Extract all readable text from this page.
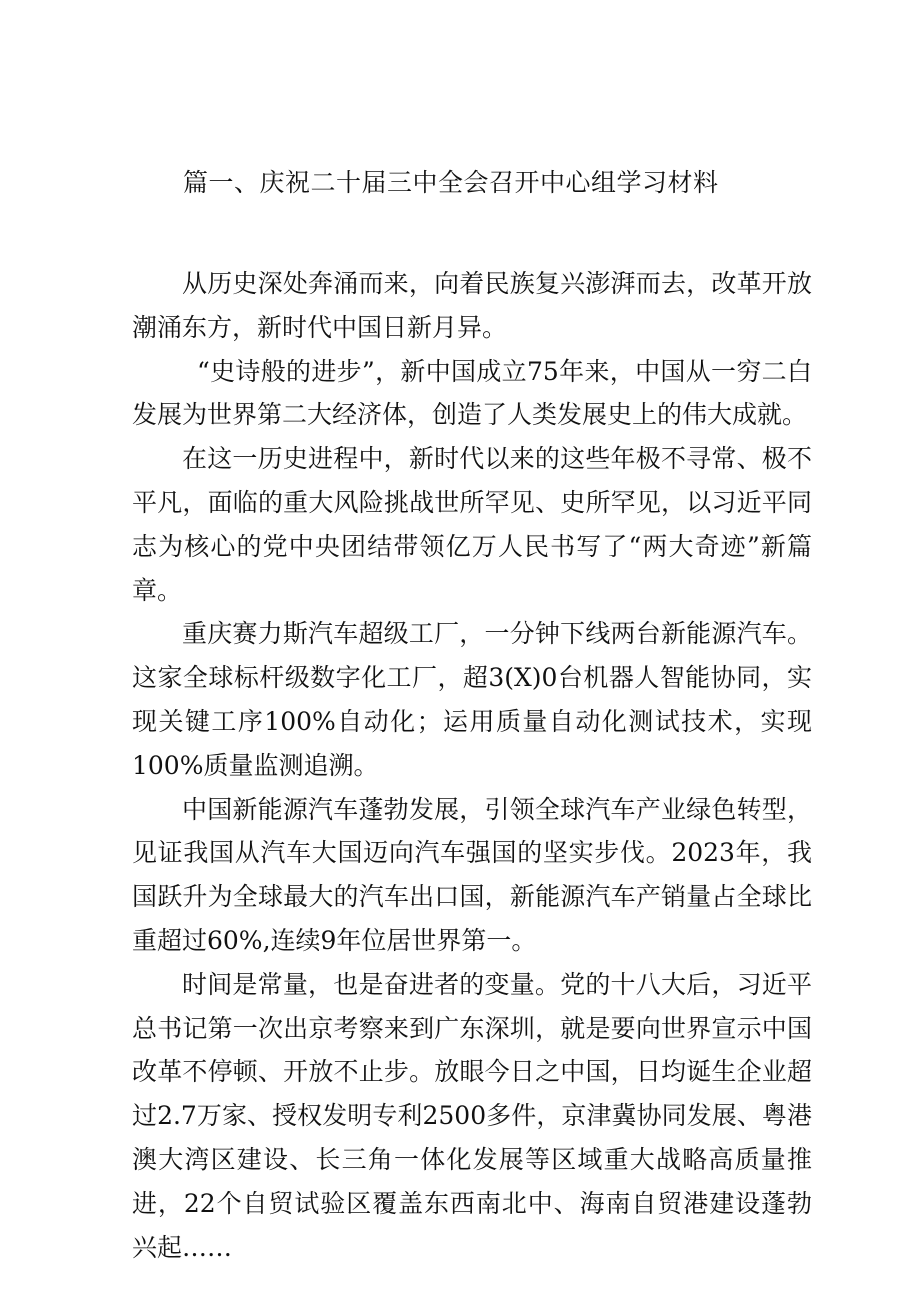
篇一、庆祝二十届三中全会召开中心组学习材料

从历史深处奔涌而来，向着民族复兴澎湃而去，改革开放潮涌东方，新时代中国日新月异。

“史诗般的进步”，新中国成立75年来，中国从一穷二白发展为世界第二大经济体，创造了人类发展史上的伟大成就。

在这一历史进程中，新时代以来的这些年极不寻常、极不平凡，面临的重大风险挑战世所罕见、史所罕见，以习近平同志为核心的党中央团结带领亿万人民书写了“两大奇迹”新篇章。

重庆赛力斯汽车超级工厂，一分钟下线两台新能源汽车。这家全球标杆级数字化工厂，超3(X)0台机器人智能协同，实现关键工序100%自动化；运用质量自动化测试技术，实现100%质量监测追溯。

中国新能源汽车蓬勃发展，引领全球汽车产业绿色转型，见证我国从汽车大国迈向汽车强国的坚实步伐。2023年，我国跃升为全球最大的汽车出口国，新能源汽车产销量占全球比重超过60%,连续9年位居世界第一。

时间是常量，也是奋进者的变量。党的十八大后，习近平总书记第一次出京考察来到广东深圳，就是要向世界宣示中国改革不停顿、开放不止步。放眼今日之中国，日均诞生企业超过2.7万家、授权发明专利2500多件，京津冀协同发展、粤港澳大湾区建设、长三角一体化发展等区域重大战略高质量推进，22个自贸试验区覆盖东西南北中、海南自贸港建设蓬勃兴起……
